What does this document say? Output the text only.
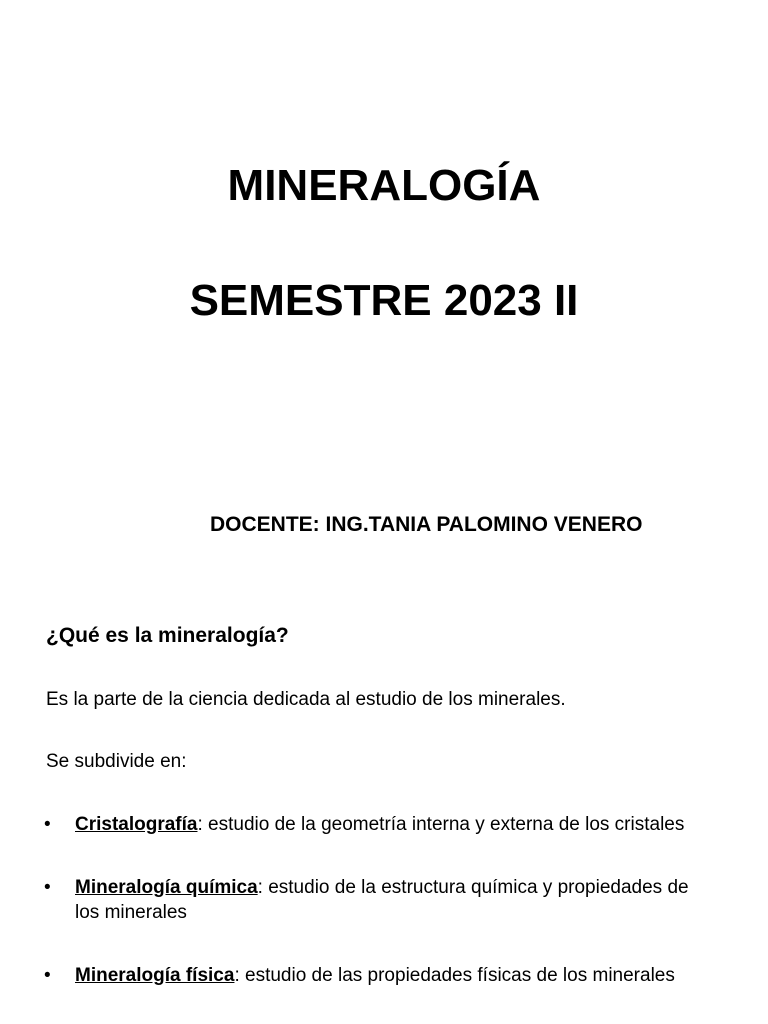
MINERALOGÍA
SEMESTRE 2023 II
DOCENTE: ING.TANIA PALOMINO VENERO
¿Qué es la mineralogía?

Es la parte de la ciencia dedicada al estudio de los minerales.

Se subdivide en:

• Cristalografía: estudio de la geometría interna y externa de los cristales
• Mineralogía química: estudio de la estructura química y propiedades de los minerales
• Mineralogía física: estudio de las propiedades físicas de los minerales
